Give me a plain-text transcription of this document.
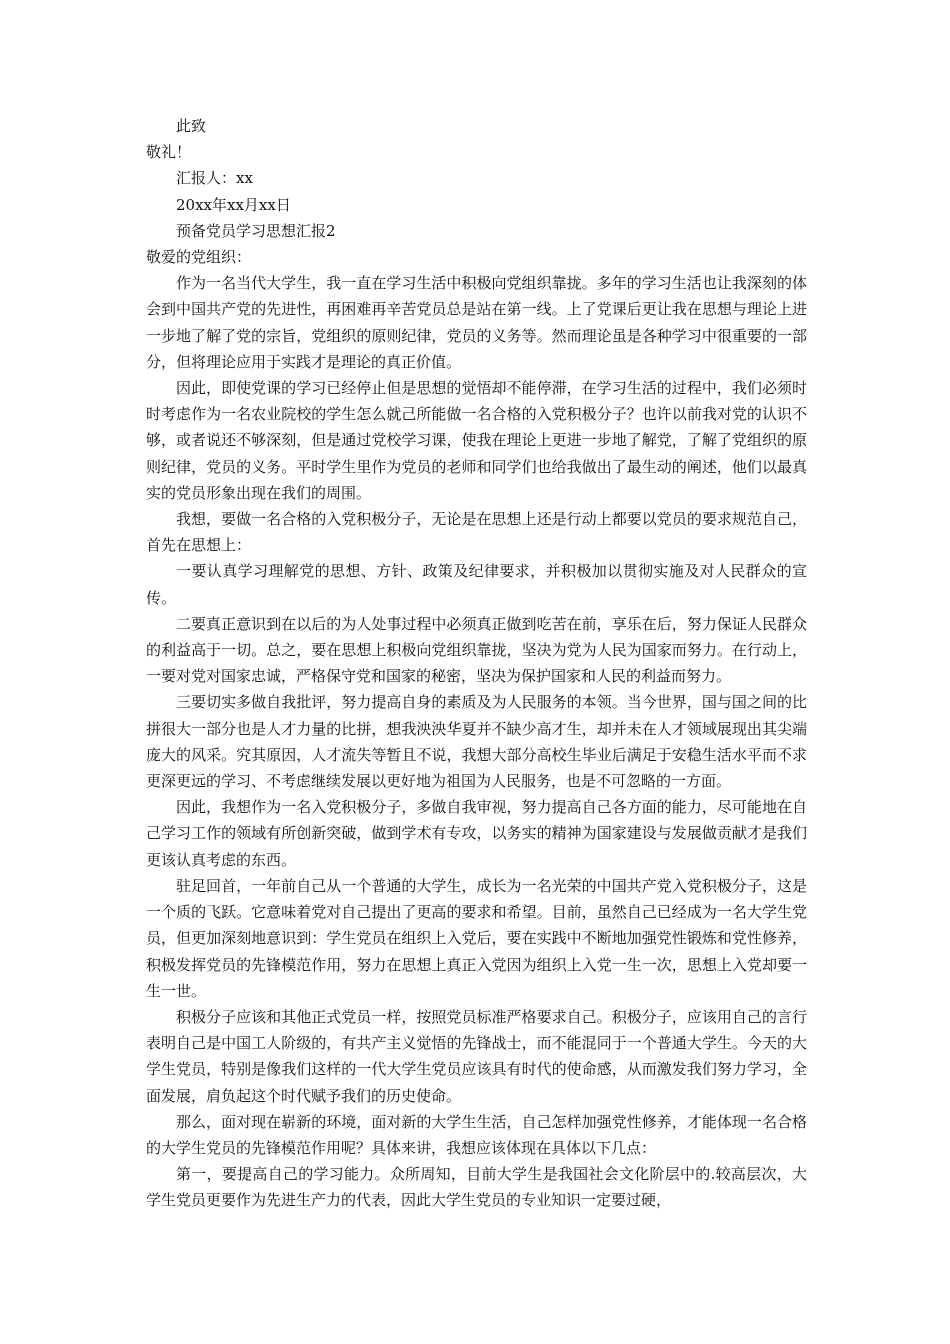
此致
敬礼！
汇报人：xx
20xx年xx月xx日
预备党员学习思想汇报2
敬爱的党组织：

作为一名当代大学生，我一直在学习生活中积极向党组织靠拢。多年的学习生活也让我深刻的体会到中国共产党的先进性，再困难再辛苦党员总是站在第一线。上了党课后更让我在思想与理论上进一步地了解了党的宗旨，党组织的原则纪律，党员的义务等。然而理论虽是各种学习中很重要的一部分，但将理论应用于实践才是理论的真正价值。

因此，即使党课的学习已经停止但是思想的觉悟却不能停滞，在学习生活的过程中，我们必须时时考虑作为一名农业院校的学生怎么就己所能做一名合格的入党积极分子？也许以前我对党的认识不够，或者说还不够深刻，但是通过党校学习课，使我在理论上更进一步地了解党，了解了党组织的原则纪律，党员的义务。平时学生里作为党员的老师和同学们也给我做出了最生动的阐述，他们以最真实的党员形象出现在我们的周围。

我想，要做一名合格的入党积极分子，无论是在思想上还是行动上都要以党员的要求规范自己，首先在思想上：

一要认真学习理解党的思想、方针、政策及纪律要求，并积极加以贯彻实施及对人民群众的宣传。

二要真正意识到在以后的为人处事过程中必须真正做到吃苦在前，享乐在后，努力保证人民群众的利益高于一切。总之，要在思想上积极向党组织靠拢，坚决为党为人民为国家而努力。在行动上，一要对党对国家忠诚，严格保守党和国家的秘密，坚决为保护国家和人民的利益而努力。

三要切实多做自我批评，努力提高自身的素质及为人民服务的本领。当今世界，国与国之间的比拼很大一部分也是人才力量的比拼，想我泱泱华夏并不缺少高才生，却并未在人才领域展现出其尖端庞大的风采。究其原因，人才流失等暂且不说，我想大部分高校生毕业后满足于安稳生活水平而不求更深更远的学习、不考虑继续发展以更好地为祖国为人民服务，也是不可忽略的一方面。

因此，我想作为一名入党积极分子，多做自我审视，努力提高自己各方面的能力，尽可能地在自己学习工作的领域有所创新突破，做到学术有专攻，以务实的精神为国家建设与发展做贡献才是我们更该认真考虑的东西。

驻足回首，一年前自己从一个普通的大学生，成长为一名光荣的中国共产党入党积极分子，这是一个质的飞跃。它意味着党对自己提出了更高的要求和希望。目前，虽然自己已经成为一名大学生党员，但更加深刻地意识到：学生党员在组织上入党后，要在实践中不断地加强党性锻炼和党性修养，积极发挥党员的先锋模范作用，努力在思想上真正入党因为组织上入党一生一次，思想上入党却要一生一世。

积极分子应该和其他正式党员一样，按照党员标准严格要求自己。积极分子，应该用自己的言行表明自己是中国工人阶级的，有共产主义觉悟的先锋战士，而不能混同于一个普通大学生。今天的大学生党员，特别是像我们这样的一代大学生党员应该具有时代的使命感，从而激发我们努力学习，全面发展，肩负起这个时代赋予我们的历史使命。

那么，面对现在崭新的环境，面对新的大学生生活，自己怎样加强党性修养，才能体现一名合格的大学生党员的先锋模范作用呢？具体来讲，我想应该体现在具体以下几点：

第一，要提高自己的学习能力。众所周知，目前大学生是我国社会文化阶层中的.较高层次，大学生党员更要作为先进生产力的代表，因此大学生党员的专业知识一定要过硬，
